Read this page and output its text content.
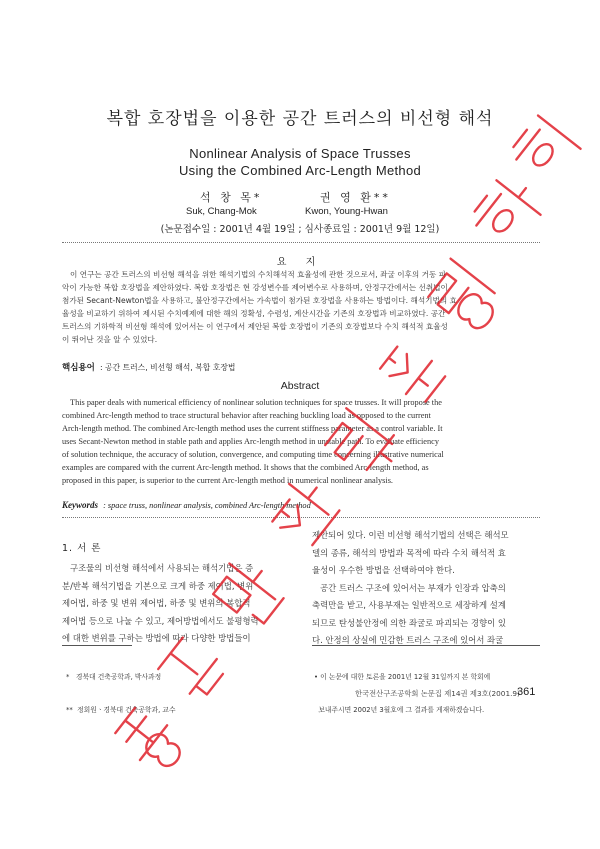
복합 호장법을 이용한 공간 트러스의 비선형 해석
Nonlinear Analysis of Space Trusses
Using the Combined Arc-Length Method
석 창 목*	권 영 환**
Suk, Chang-Mok	Kwon, Young-Hwan
(논문접수일 : 2001년 4월 19일 ; 심사종료일 : 2001년 9월 12일)
요 지
이 연구는 공간 트러스의 비선형 해석을 위한 해석기법의 수치해석적 효율성에 관한 것으로서, 좌굴 이후의 거동 파
악이 가능한 복합 호장법을 제안하였다. 복합 호장법은 현 강성변수를 제어변수로 사용하며, 안정구간에서는 선취법이
첨가된 Secant-Newton법을 사용하고, 불안정구간에서는 가속법이 첨가된 호장법을 사용하는 방법이다. 해석기법의 효
율성을 비교하기 위하여 제시된 수치예제에 대한 해의 정확성, 수렴성, 계산시간을 기존의 호장법과 비교하였다. 공간
트러스의 기하학적 비선형 해석에 있어서는 이 연구에서 제안된 복합 호장법이 기존의 호장법보다 수치 해석적 효율성
이 뛰어난 것을 알 수 있었다.
핵심용어 : 공간 트러스, 비선형 해석, 복합 호장법
Abstract
This paper deals with numerical efficiency of nonlinear solution techniques for space trusses. It will propose the
combined Arc-length method to trace structural behavior after reaching buckling load as opposed to the current
Arch-length method. The combined Arc-length method uses the current stiffness parameter as a control variable. It
uses Secant-Newton method in stable path and applies Arc-length method in unstable path. To evaluate efficiency
of solution technique, the accuracy of solution, convergence, and computing time concerning illustrative numerical
examples are compared with the current Arc-length method. It shows that the combined Arc-length method, as
proposed in this paper, is superior to the current Arc-length method in numerical nonlinear analysis.
Keywords : space truss, nonlinear analysis, combined Arc-length method
1. 서 론
구조물의 비선형 해석에서 사용되는 해석기법은 증
분/반복 해석기법을 기본으로 크게 하중 제어법, 변위
제어법, 하중 및 변위 제어법, 하중 및 변위의 복합적
제어법 등으로 나눌 수 있고, 제어방법에서도 불평형력
에 대한 변위를 구하는 방법에 따라 다양한 방법들이
제안되어 있다. 이런 비선형 해석기법의 선택은 해석모
델의 종류, 해석의 방법과 목적에 따라 수치 해석적 효
율성이 우수한 방법을 선택하여야 한다.
공간 트러스 구조에 있어서는 부재가 인장과 압축의
축력만을 받고, 사용부재는 일반적으로 세장하게 설계
되므로 탄성불안정에 의한 좌굴로 파괴되는 경향이 있
다. 안정의 상실에 민감한 트러스 구조에 있어서 좌굴

*   경북대 건축공학과, 박사과정

**  정회원ㆍ경북대 건축공학과, 교수

• 이 논문에 대한 토론을 2001년 12월 31일까지 본 학회에

보내주시면 2002년 3월호에 그 결과를 게재하겠습니다.

한국전산구조공학회 논문집 제14권 제3호(2001.9)
361
